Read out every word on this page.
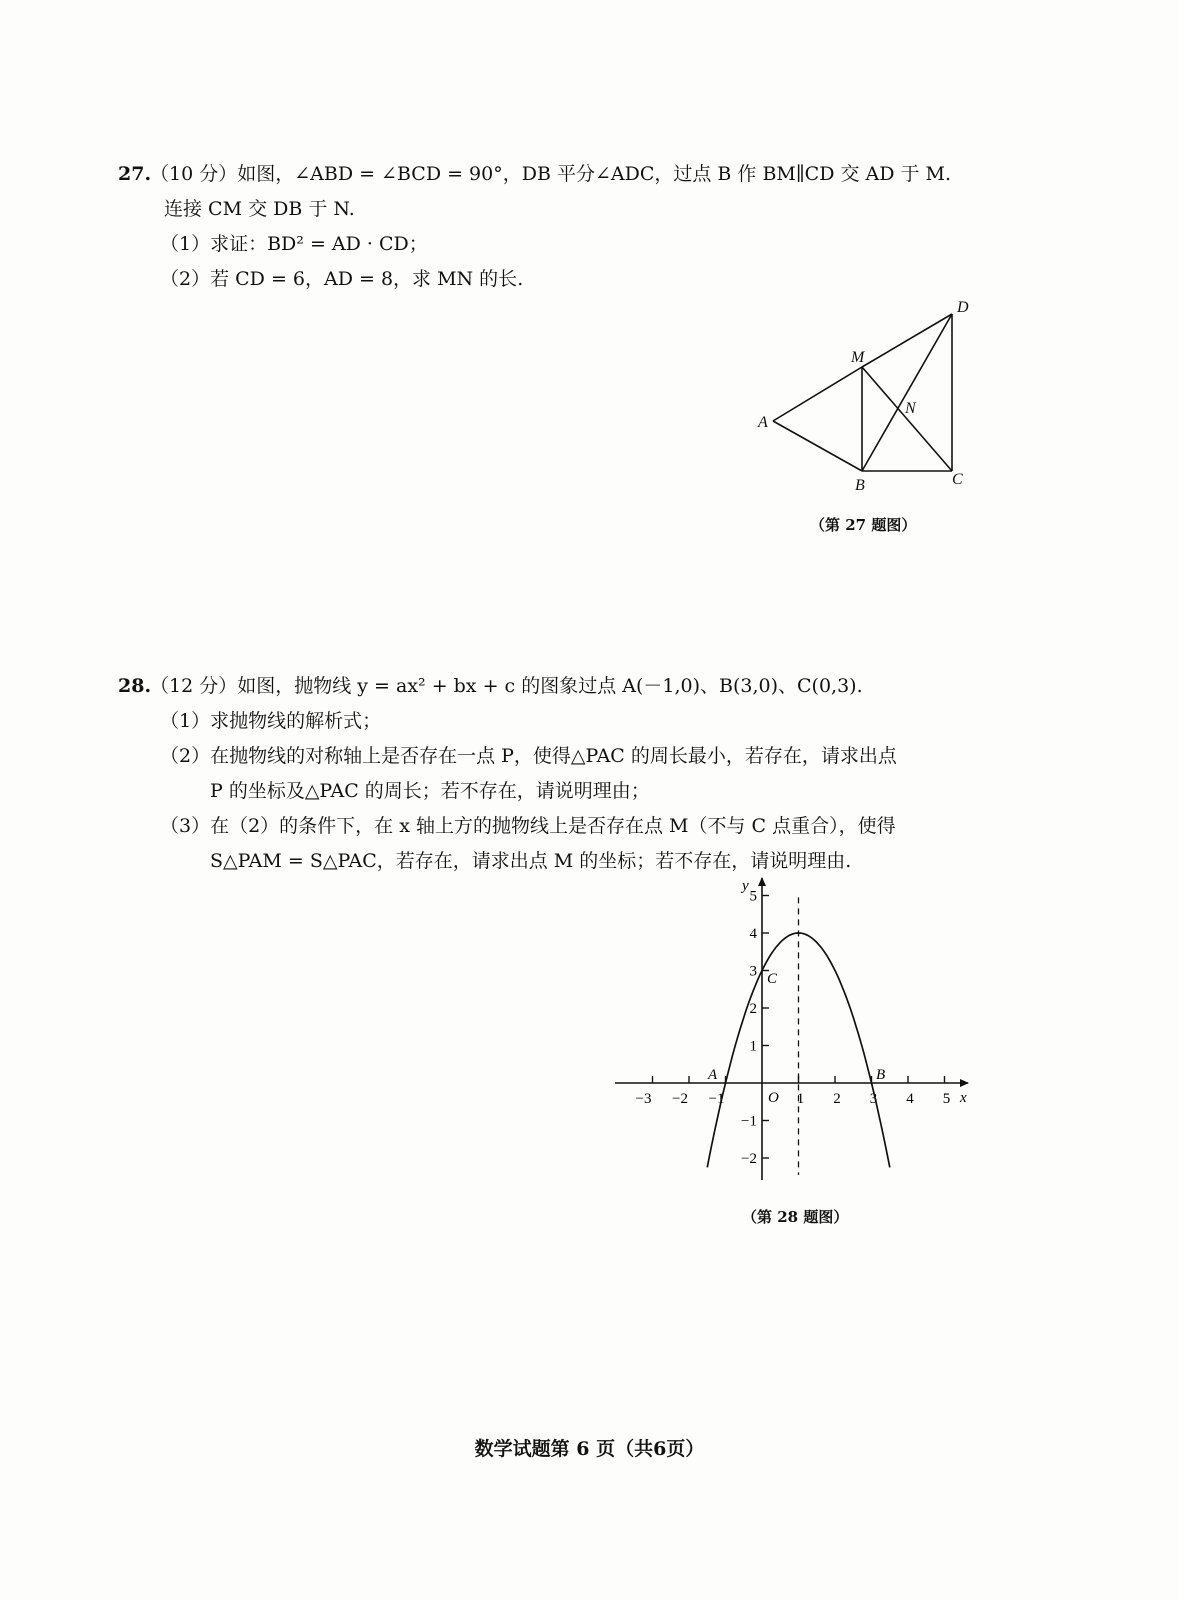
27.
（10 分）如图，∠ABD = ∠BCD = 90°，DB 平分∠ADC，过点 B 作 BM∥CD 交 AD 于 M.
连接 CM 交 DB 于 N.
（1）求证：BD² = AD · CD；
（2）若 CD = 6，AD = 8，求 MN 的长.
A
B	C
D
M
N
（第 27 题图）
28.
（12 分）如图，抛物线 y = ax² + bx + c 的图象过点 A(－1,0)、B(3,0)、C(0,3).
（1）求抛物线的解析式；
（2）在抛物线的对称轴上是否存在一点 P，使得△PAC 的周长最小，若存在，请求出点
P 的坐标及△PAC 的周长；若不存在，请说明理由；
（3）在（2）的条件下，在 x 轴上方的抛物线上是否存在点 M（不与 C 点重合），使得
S△PAM = S△PAC，若存在，请求出点 M 的坐标；若不存在，请说明理由.
−3 −2 −1	1 2 3 4 5
−2
−1
1
2
3
4
5
x
y
O
A	B
C
（第 28 题图）
数学试题第 6 页（共6页）
